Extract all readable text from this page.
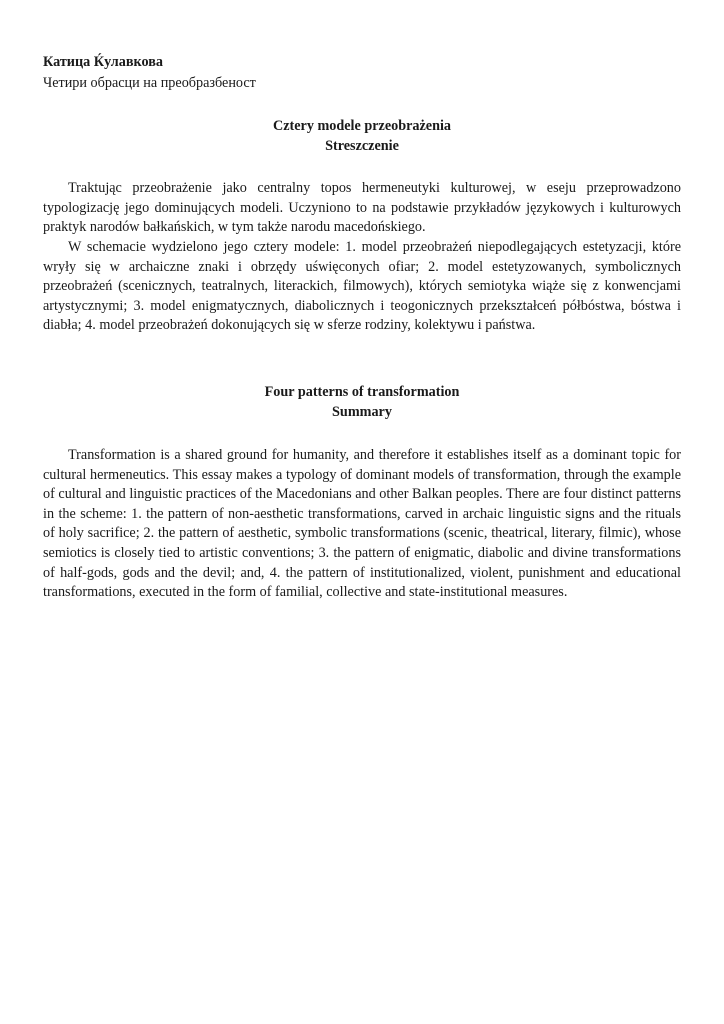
Катица Ќулавкова
Четири обрасци на преобразбеност
Cztery modele przeobrażenia
Streszczenie

Traktując przeobrażenie jako centralny topos hermeneutyki kulturowej, w eseju przeprowadzono typologizację jego dominujących modeli. Uczyniono to na podstawie przykładów językowych i kulturowych praktyk narodów bałkańskich, w tym także narodu macedońskiego.

W schemacie wydzielono jego cztery modele: 1. model przeobrażeń niepodlegających estetyzacji, które wryły się w archaiczne znaki i obrzędy uświęconych ofiar; 2. model estetyzowanych, symbolicznych przeobrażeń (scenicznych, teatralnych, literackich, filmowych), których semiotyka wiąże się z konwencjami artystycznymi; 3. model enigmatycznych, diabolicznych i teogonicznych przekształceń półbóstwa, bóstwa i diabła; 4. model przeobrażeń dokonujących się w sferze rodziny, kolektywu i państwa.

Four patterns of transformation
Summary

Transformation is a shared ground for humanity, and therefore it establishes itself as a dominant topic for cultural hermeneutics. This essay makes a typology of dominant models of transformation, through the example of cultural and linguistic practices of the Macedonians and other Balkan peoples. There are four distinct patterns in the scheme: 1. the pattern of non-aesthetic transformations, carved in archaic linguistic signs and the rituals of holy sacrifice; 2. the pattern of aesthetic, symbolic transformations (scenic, theatrical, literary, filmic), whose semiotics is closely tied to artistic conventions; 3. the pattern of enigmatic, diabolic and divine transformations of half-gods, gods and the devil; and, 4. the pattern of institutionalized, violent, punishment and educational transformations, executed in the form of familial, collective and state-institutional measures.
